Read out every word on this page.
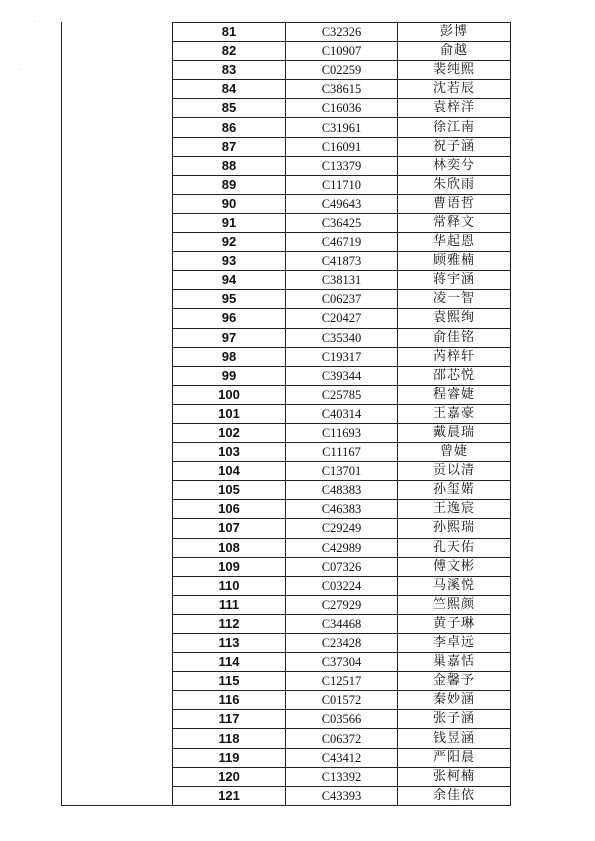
◦
·
81	C32326	彭博
82	C10907	俞越
83	C02259	裴纯熙
84	C38615	沈若辰
85	C16036	袁梓洋
86	C31961	徐江南
87	C16091	祝子涵
88	C13379	林奕兮
89	C11710	朱欣雨
90	C49643	曹语哲
91	C36425	常释文
92	C46719	华起恩
93	C41873	顾雅楠
94	C38131	蒋宇涵
95	C06237	凌一智
96	C20427	袁熙绚
97	C35340	俞佳铭
98	C19317	芮梓轩
99	C39344	邵芯悦
100	C25785	程睿婕
101	C40314	王嘉豪
102	C11693	戴晨瑞
103	C11167	曾婕
104	C13701	贡以清
105	C48383	孙玺婼
106	C46383	王逸宸
107	C29249	孙熙瑞
108	C42989	孔天佑
109	C07326	傅文彬
110	C03224	马溪悦
111	C27929	竺熙颜
112	C34468	黄子琳
113	C23428	李卓远
114	C37304	巢嘉恬
115	C12517	金馨予
116	C01572	秦妙涵
117	C03566	张子涵
118	C06372	钱昱涵
119	C43412	严阳晨
120	C13392	张柯楠
121	C43393	余佳依
